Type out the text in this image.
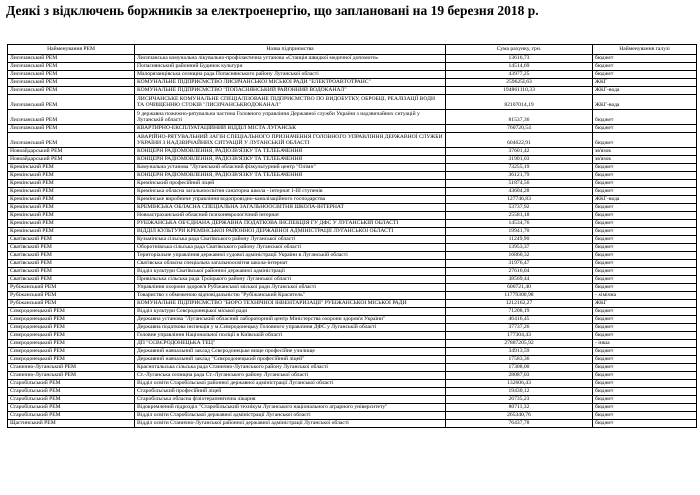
Деякі з відключень боржників за електроенергію, що заплановані на 19 березня 2018 р.
Найменування РЕМ	Назва підприємства	Сума рахунку, грн.	Найменування галузі
Лисичанський РЕМ	Лисичанська комунальна лікувально-профілактична установа «Станція швидкої медичної допомоги»	13616,73	бюджет
Лисичанський РЕМ	Попаснянський районний Будинок культури	14514,69	бюджет
Лисичанський РЕМ	Малорязанцівська селищна рада Попаснянського району Луганської області	43977,25	бюджет
Лисичанський РЕМ	КОМУНАЛЬНЕ ПІДПРИЄМСТВО ЛИСИЧАНСЬКОЇ МІСЬКОЇ РАДИ "ЕЛЕКТРОАВТОТРАНС"	259625I,63	ЖКГ
Лисичанський РЕМ	КОМУНАЛЬНЕ ПІДПРИЄМСТВО "ПОПАСНЯНСЬКИЙ РАЙОННИЙ ВОДОКАНАЛ"	194861110,33	ЖКГ-вода
Лисичанський РЕМ	ЛИСИЧАНСЬКЕ КОМУНАЛЬНЕ СПЕЦІАЛІЗОВАНЕ ПІДПРИЄМСТВО ПО ВИДОБУТКУ, ОБРОБЦІ, РЕАЛІЗАЦІЇ ВОДИ ТА ОЧИЩЕННЮ СТОКІВ "ЛИСИЧАНСЬКВОДОКАНАЛ"	82107014,19	ЖКГ-вода
Лисичанський РЕМ	9 державна пожежно-рятувальна частина Головного управління Державної служби України з надзвичайних ситуацій у Луганській області	81537,36	бюджет
Лисичанський РЕМ	КВАРТИРНО-ЕКСПЛУАТАЦІЙНИЙ ВІДДІЛ МІСТА ЛУГАНСЬК	760720,54	бюджет
Лисичанський РЕМ	АВАРІЙНО-РЯТУВАЛЬНИЙ ЗАГІН СПЕЦІАЛЬНОГО ПРИЗНАЧЕННЯ ГОЛОВНОГО УПРАВЛІННЯ ДЕРЖАВНОЇ СЛУЖБИ УКРАЇНИ З НАДЗВИЧАЙНИХ СИТУАЦІЙ У ЛУГАНСЬКІЙ ОБЛАСТІ	604622,91	бюджет
Новоайдарський РЕМ	КОНЦЕРН РАДІОМОВЛЕННЯ, РАДІОЗВ'ЯЗКУ ТА ТЕЛЕБАЧЕННЯ	37601,42	зв'язок
Новоайдарський РЕМ	КОНЦЕРН РАДІОМОВЛЕННЯ, РАДІОЗВ'ЯЗКУ ТА ТЕЛЕБАЧЕННЯ	31901,03	зв'язок
Кремінський РЕМ	Комунальна установа "Луганський обласний фізкультурний центр "Олімп"	73255,19	бюджет
Кремінський РЕМ	КОНЦЕРН РАДІОМОВЛЕННЯ, РАДІОЗВ'ЯЗКУ ТА ТЕЛЕБАЧЕННЯ	36121,79	бюджет
Кремінський РЕМ	Кремінський професійний ліцей	51874,56	бюджет
Кремінський РЕМ	Кремінська обласна загальноосвітня санаторна школа - інтернат I-III ступенів	43604,28	бюджет
Кремінський РЕМ	Кремінське виробниче управління водопровідно-каналізаційного господарства	127746,83	ЖКГ-вода
Кремінський РЕМ	КРЕМІНСЬКА ОБЛАСНА СПЕЦІАЛЬНА ЗАГАЛЬНООСВІТНЯ ШКОЛА-ІНТЕРНАТ	53737,92	бюджет
Кремінський РЕМ	Новоастраханський обласний психоневрологічний інтернат	25581,18	бюджет
Кремінський РЕМ	РУБІЖАНСЬКА ОБ'ЄДНАНА ДЕРЖАВНА ПОДАТКОВА ІНСПЕКЦІЯ ГУ ДФС У ЛУГАНСЬКІЙ ОБЛАСТІ	14534,76	бюджет
Кремінський РЕМ	ВІДДІЛ КУЛЬТУРИ КРЕМІНСЬКОЇ РАЙОННОЇ ДЕРЖАВНОЇ АДМІНІСТРАЦІЇ ЛУГАНСЬКОЇ ОБЛАСТІ	19941,70	бюджет
Сватівський РЕМ	Кузьмінська сільська рада Сватівського району Луганської області	11249,90	бюджет
Сватівський РЕМ	Оборотнівська сільська рада Сватівського району Луганської області	13953,37	бюджет
Сватівський РЕМ	Територіальне управління державної судової адміністрації України в Луганській області	16860,32	бюджет
Сватівський РЕМ	Сватівська обласна спеціальна загальноосвітня школа-інтернат	31976,47	бюджет
Сватівський РЕМ	Відділ культури Сватівської районної державної адміністрації	27616,04	бюджет
Сватівський РЕМ	Привільська сільська рада Троїцького району Луганської області	38569,44	бюджет
Рубіжанський РЕМ	Управління охорони здоров'я Рубіжанської міської ради Луганської області	600721,40	бюджет
Рубіжанський РЕМ	Товариство з обмеженою відповідальністю "Рубіжанський Краситель"	11779300,98	- хімічна
Рубіжанський РЕМ	КОМУНАЛЬНЕ ПІДПРИЄМСТВО "БЮРО ТЕХНІЧНОЇ ІНВЕНТАРИЗАЦІЇ" РУБІЖАНСЬКОЇ МІСЬКОЇ РАДИ	1212162,27	ЖКГ
Сєвєродонецький РЕМ	Відділ культури Сєвєродонецької міської ради	71208,19	бюджет
Сєвєродонецький РЕМ	Державна установа "Луганський обласний лабораторний центр Міністерства охорони здоров'я України"	46416,45	бюджет
Сєвєродонецький РЕМ	Державна податкова інспекція у м.Сєвєродонецьку Головного управління ДФС у Луганській області	37737,26	бюджет
Сєвєродонецький РЕМ	Головне управління Національної поліції в Київській області	177304,43	бюджет
Сєвєродонецький РЕМ	ДП "СЄВЄРОДОНЕЦЬКА ТЕЦ"	27887205,92	- інша
Сєвєродонецький РЕМ	Державний навчальний заклад Сєвєродонецьке вище професійне училище	34913,59	бюджет
Сєвєродонецький РЕМ	Державний навчальний заклад "Сєвєродонецький професійний ліцей"	17583,36	бюджет
Станично-Луганський РЕМ	Краснотальська сільська рада Станично-Луганського району Луганської області	17308,00	бюджет
Станично-Луганський РЕМ	Ст.-Луганська селищна рада Ст.-Луганського району Луганської області	28087,03	бюджет
Старобільський РЕМ	Відділ освіти Старобільської районної державної адміністрації Луганської області	132606,43	бюджет
Старобільський РЕМ	Старобільський професійний ліцей	19430,12	бюджет
Старобільський РЕМ	Старобільська обласна фізіотерапевтична лікарня	26735,23	бюджет
Старобільський РЕМ	Відокремлений підрозділ "Старобільський технікум Луганського національного аграрного університету"	80711,32	бюджет
Старобільський РЕМ	Відділ освіти Старобільської державної адміністрації Луганської області	265340,76	бюджет
Щастинський РЕМ	Відділ освіти Станично-Луганської районної державної адміністрації Луганської області	76437,78	бюджет
